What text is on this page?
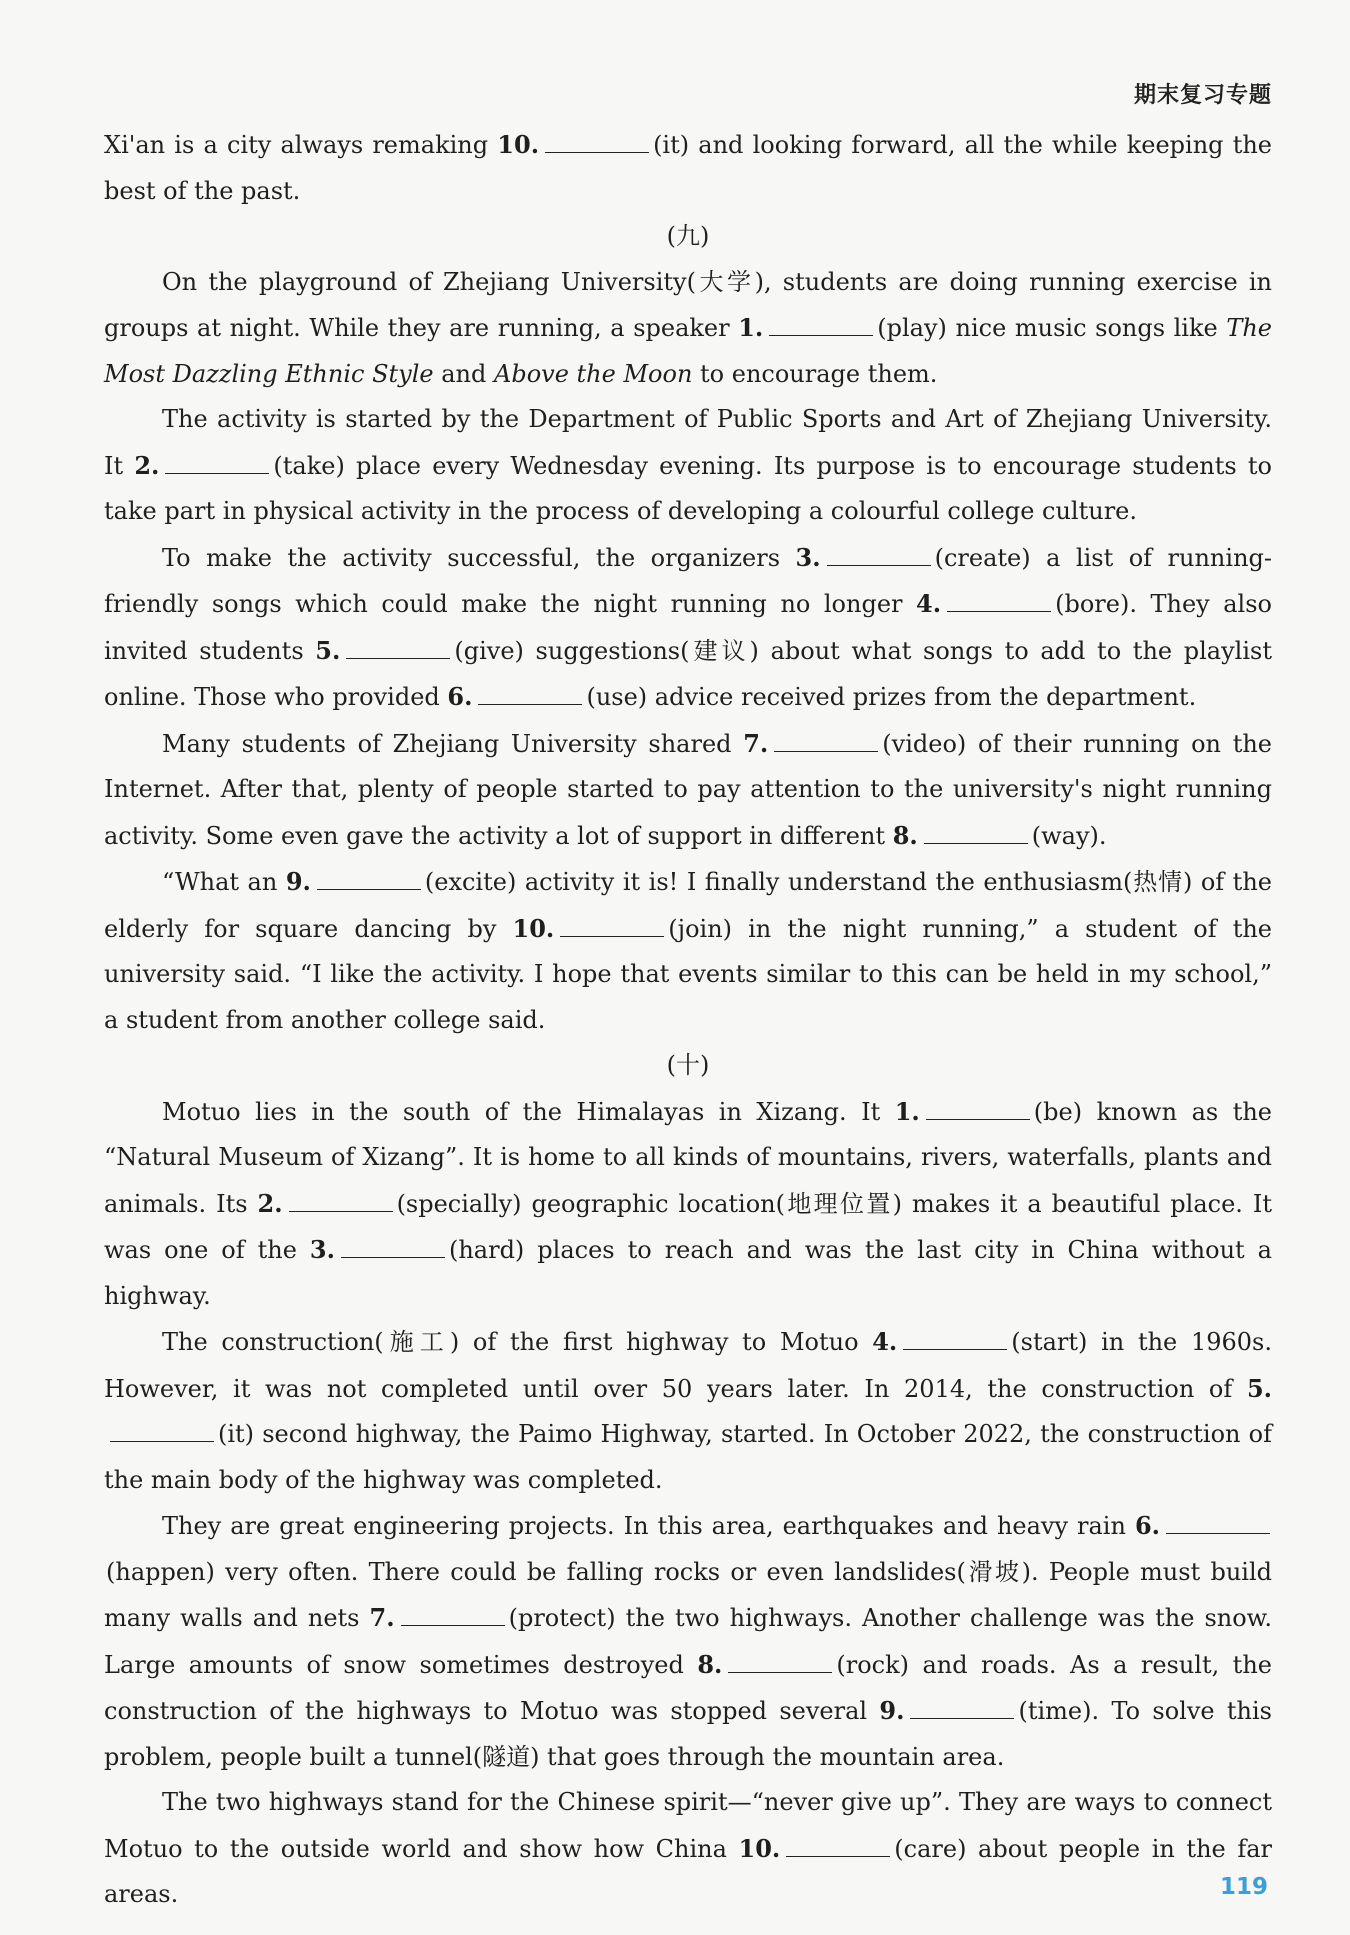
期末复习专题

Xi'an is a city always remaking 10.	(it) and looking forward, all the while keeping the best of the past.

(九)

On the playground of Zhejiang University(大学), students are doing running exercise in groups at night. While they are running, a speaker 1.	(play) nice music songs like The Most Dazzling Ethnic Style and Above the Moon to encourage them.

The activity is started by the Department of Public Sports and Art of Zhejiang University. It 2.	(take) place every Wednesday evening. Its purpose is to encourage students to take part in physical activity in the process of developing a colourful college culture.

To make the activity successful, the organizers 3.	(create) a list of running-friendly songs which could make the night running no longer 4.	(bore). They also invited students 5.	(give) suggestions(建议) about what songs to add to the playlist online. Those who provided 6.	(use) advice received prizes from the department.

Many students of Zhejiang University shared 7.	(video) of their running on the Internet. After that, plenty of people started to pay attention to the university's night running activity. Some even gave the activity a lot of support in different 8.	(way).

“What an 9.	(excite) activity it is! I finally understand the enthusiasm(热情) of the elderly for square dancing by 10.	(join) in the night running,” a student of the university said. “I like the activity. I hope that events similar to this can be held in my school,” a student from another college said.

(十)

Motuo lies in the south of the Himalayas in Xizang. It 1.	(be) known as the “Natural Museum of Xizang”. It is home to all kinds of mountains, rivers, waterfalls, plants and animals. Its 2.	(specially) geographic location(地理位置) makes it a beautiful place. It was one of the 3.	(hard) places to reach and was the last city in China without a highway.

The construction(施工) of the first highway to Motuo 4.	(start) in the 1960s. However, it was not completed until over 50 years later. In 2014, the construction of 5.(it) second highway, the Paimo Highway, started. In October 2022, the construction of the main body of the highway was completed.

They are great engineering projects. In this area, earthquakes and heavy rain 6.(happen) very often. There could be falling rocks or even landslides(滑坡). People must build many walls and nets 7.	(protect) the two highways. Another challenge was the snow. Large amounts of snow sometimes destroyed 8.	(rock) and roads. As a result, the construction of the highways to Motuo was stopped several 9.	(time). To solve this problem, people built a tunnel(隧道) that goes through the mountain area.

The two highways stand for the Chinese spirit—“never give up”. They are ways to connect Motuo to the outside world and show how China 10.	(care) about people in the far areas.	119
